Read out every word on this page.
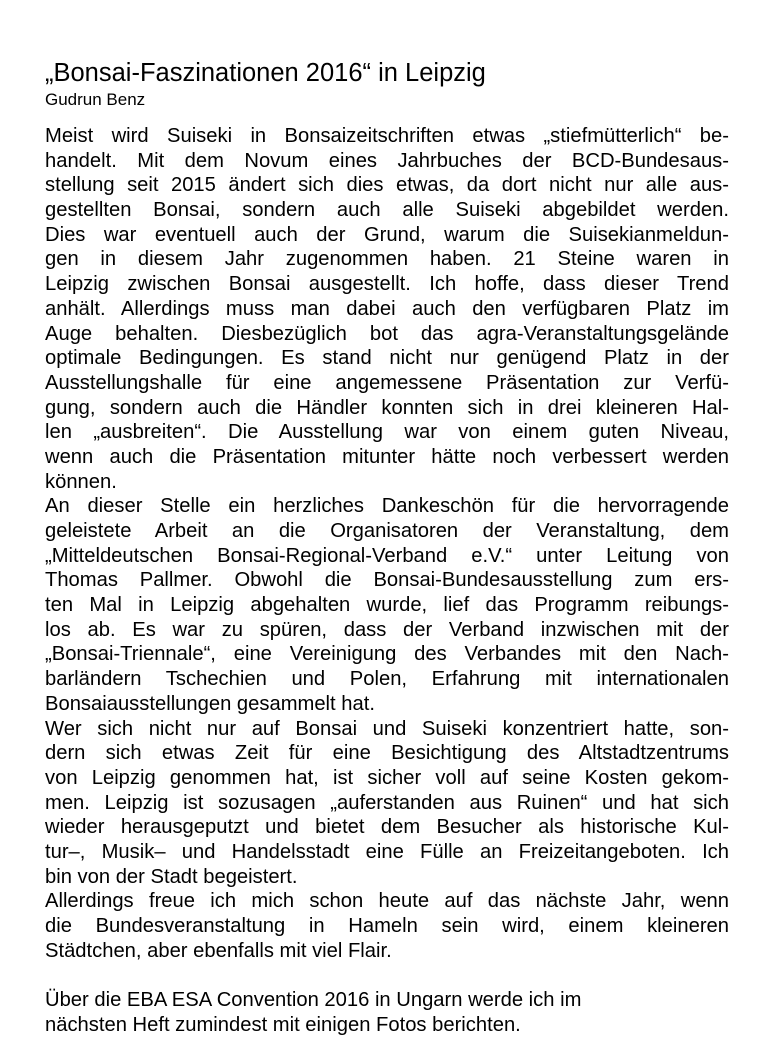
„Bonsai-Faszinationen 2016“ in Leipzig
Gudrun Benz
Meist wird Suiseki in Bonsaizeitschriften etwas „stiefmütterlich“ be-
handelt. Mit dem Novum eines Jahrbuches der BCD-Bundesaus-
stellung seit 2015 ändert sich dies etwas, da dort nicht nur alle aus-
gestellten Bonsai, sondern auch alle Suiseki abgebildet werden.
Dies war eventuell auch der Grund, warum die Suisekianmeldun-
gen in diesem Jahr zugenommen haben. 21 Steine waren in
Leipzig zwischen Bonsai ausgestellt. Ich hoffe, dass dieser Trend
anhält. Allerdings muss man dabei auch den verfügbaren Platz im
Auge behalten. Diesbezüglich bot das agra-Veranstaltungsgelände
optimale Bedingungen. Es stand nicht nur genügend Platz in der
Ausstellungshalle für eine angemessene Präsentation zur Verfü-
gung, sondern auch die Händler konnten sich in drei kleineren Hal-
len „ausbreiten“. Die Ausstellung war von einem guten Niveau,
wenn auch die Präsentation mitunter hätte noch verbessert werden
können.
An dieser Stelle ein herzliches Dankeschön für die hervorragende
geleistete Arbeit an die Organisatoren der Veranstaltung, dem
„Mitteldeutschen Bonsai-Regional-Verband e.V.“ unter Leitung von
Thomas Pallmer. Obwohl die Bonsai-Bundesausstellung zum ers-
ten Mal in Leipzig abgehalten wurde, lief das Programm reibungs-
los ab. Es war zu spüren, dass der Verband inzwischen mit der
„Bonsai-Triennale“, eine Vereinigung des Verbandes mit den Nach-
barländern Tschechien und Polen, Erfahrung mit internationalen
Bonsaiausstellungen gesammelt hat.
Wer sich nicht nur auf Bonsai und Suiseki konzentriert hatte, son-
dern sich etwas Zeit für eine Besichtigung des Altstadtzentrums
von Leipzig genommen hat, ist sicher voll auf seine Kosten gekom-
men. Leipzig ist sozusagen „auferstanden aus Ruinen“ und hat sich
wieder herausgeputzt und bietet dem Besucher als historische Kul-
tur–, Musik– und Handelsstadt eine Fülle an Freizeitangeboten. Ich
bin von der Stadt begeistert.
Allerdings freue ich mich schon heute auf das nächste Jahr, wenn
die Bundesveranstaltung in Hameln sein wird, einem kleineren
Städtchen, aber ebenfalls mit viel Flair.
Über die EBA ESA Convention 2016 in Ungarn werde ich im
nächsten Heft zumindest mit einigen Fotos berichten.
